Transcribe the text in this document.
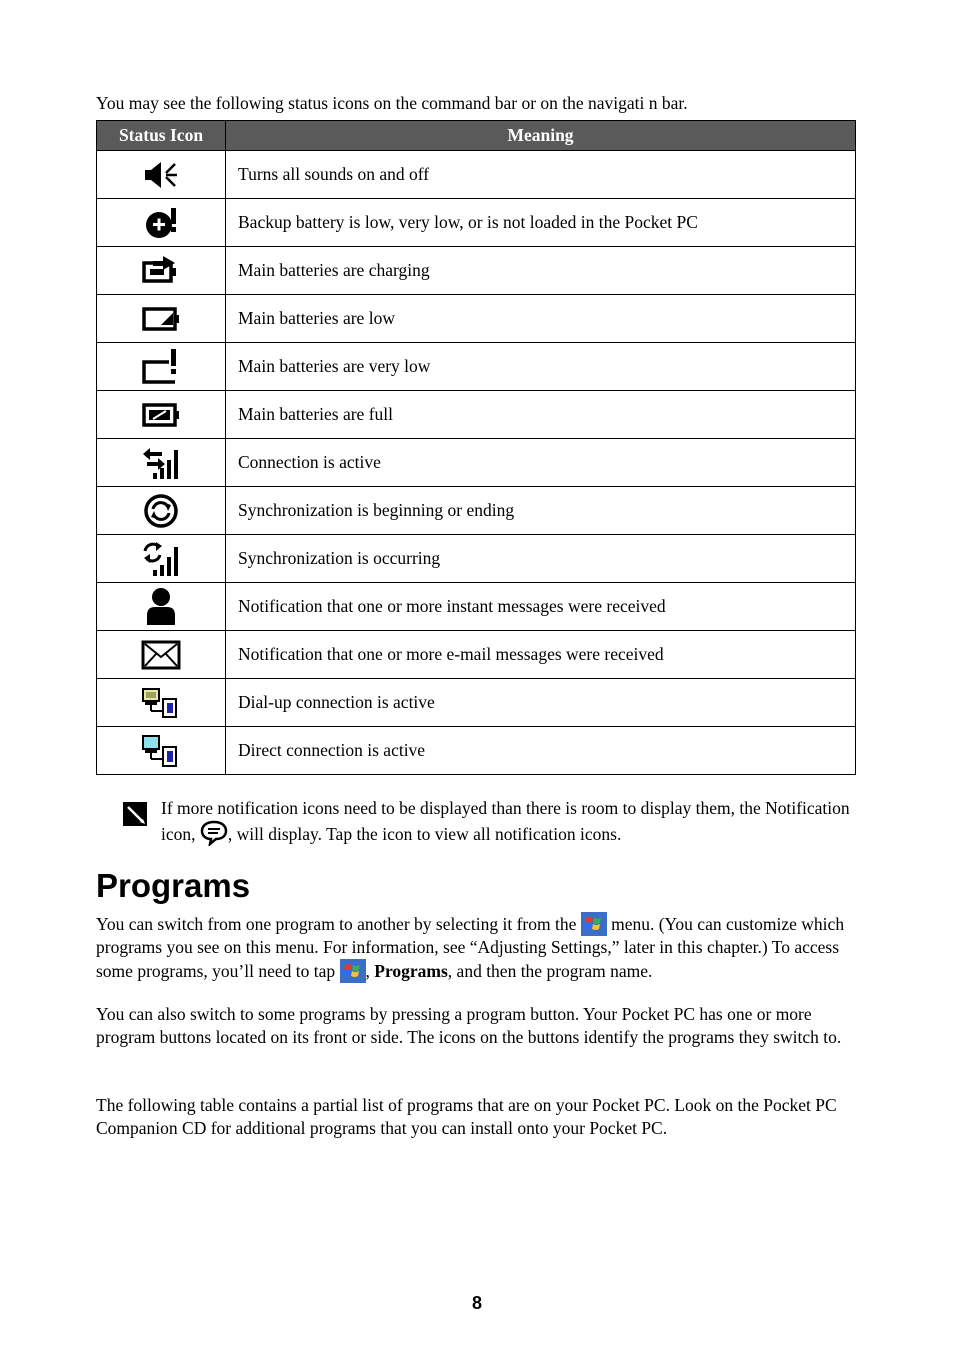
You may see the following status icons on the command bar or on the navigati n bar.
Status Icon	Meaning
	Turns all sounds on and off
	Backup battery is low, very low, or is not loaded in the Pocket PC
	Main batteries are charging
	Main batteries are low
	Main batteries are very low
	Main batteries are full
	Connection is active
	Synchronization is beginning or ending
	Synchronization is occurring
	Notification that one or more instant messages were received
	Notification that one or more e-mail messages were received
	Dial-up connection is active
	Direct connection is active
If more notification icons need to be displayed than there is room to display them, the Notification icon, , will display. Tap the icon to view all notification icons.
Programs

You can switch from one program to another by selecting it from the  menu. (You can customize which programs you see on this menu. For information, see “Adjusting Settings,” later in this chapter.) To access some programs, you’ll need to tap , Programs, and then the program name.

You can also switch to some programs by pressing a program button. Your Pocket PC has one or more program buttons located on its front or side. The icons on the buttons identify the programs they switch to.

The following table contains a partial list of programs that are on your Pocket PC. Look on the Pocket PC Companion CD for additional programs that you can install onto your Pocket PC.

8
